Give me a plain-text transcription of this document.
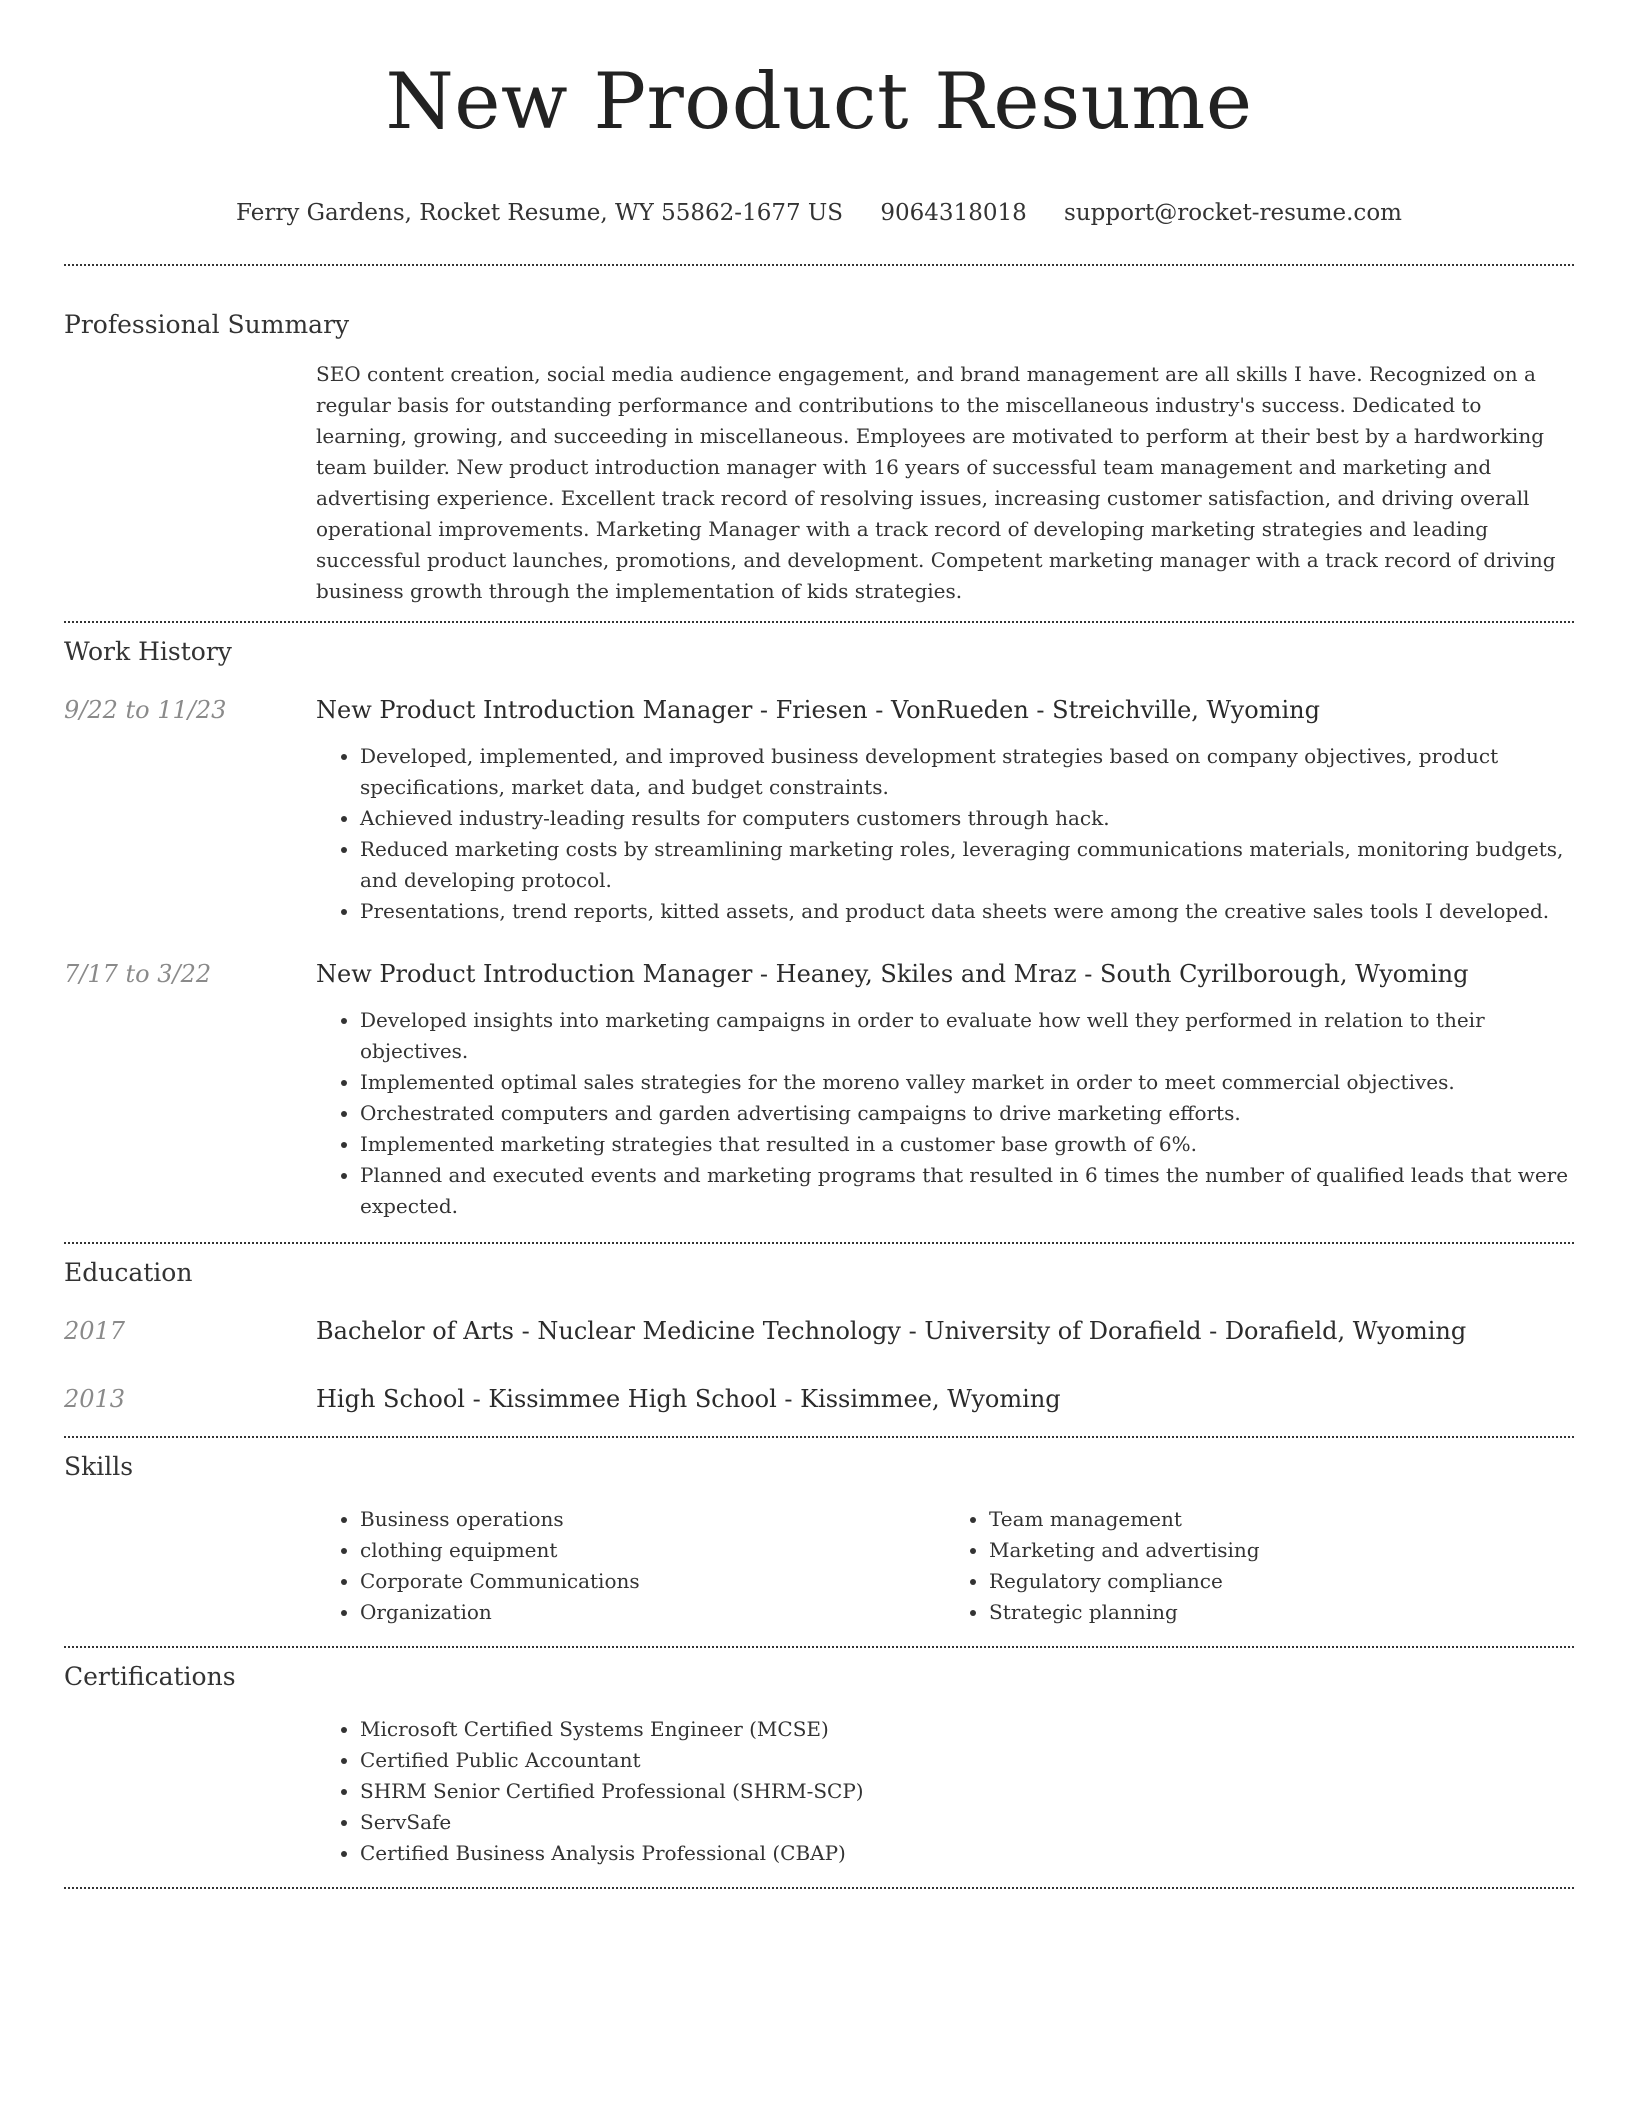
New Product Resume
Ferry Gardens, Rocket Resume, WY 55862-1677 US 9064318018 support@rocket-resume.com
Professional Summary

SEO content creation, social media audience engagement, and brand management are all skills I have. Recognized on a regular basis for outstanding performance and contributions to the miscellaneous industry's success. Dedicated to learning, growing, and succeeding in miscellaneous. Employees are motivated to perform at their best by a hardworking team builder. New product introduction manager with 16 years of successful team management and marketing and advertising experience. Excellent track record of resolving issues, increasing customer satisfaction, and driving overall operational improvements. Marketing Manager with a track record of developing marketing strategies and leading successful product launches, promotions, and development. Competent marketing manager with a track record of driving business growth through the implementation of kids strategies.

Work History
9/22 to 11/23	New Product Introduction Manager - Friesen - VonRueden - Streichville, Wyoming
• Developed, implemented, and improved business development strategies based on company objectives, product specifications, market data, and budget constraints.
• Achieved industry-leading results for computers customers through hack.
• Reduced marketing costs by streamlining marketing roles, leveraging communications materials, monitoring budgets, and developing protocol.
• Presentations, trend reports, kitted assets, and product data sheets were among the creative sales tools I developed.
7/17 to 3/22	New Product Introduction Manager - Heaney, Skiles and Mraz - South Cyrilborough, Wyoming
• Developed insights into marketing campaigns in order to evaluate how well they performed in relation to their objectives.
• Implemented optimal sales strategies for the moreno valley market in order to meet commercial objectives.
• Orchestrated computers and garden advertising campaigns to drive marketing efforts.
• Implemented marketing strategies that resulted in a customer base growth of 6%.
• Planned and executed events and marketing programs that resulted in 6 times the number of qualified leads that were expected.
Education
2017	Bachelor of Arts - Nuclear Medicine Technology - University of Dorafield - Dorafield, Wyoming
2013	High School - Kissimmee High School - Kissimmee, Wyoming
Skills
• Business operations
• clothing equipment
• Corporate Communications
• Organization
• Team management
• Marketing and advertising
• Regulatory compliance
• Strategic planning
Certifications
• Microsoft Certified Systems Engineer (MCSE)
• Certified Public Accountant
• SHRM Senior Certified Professional (SHRM-SCP)
• ServSafe
• Certified Business Analysis Professional (CBAP)
